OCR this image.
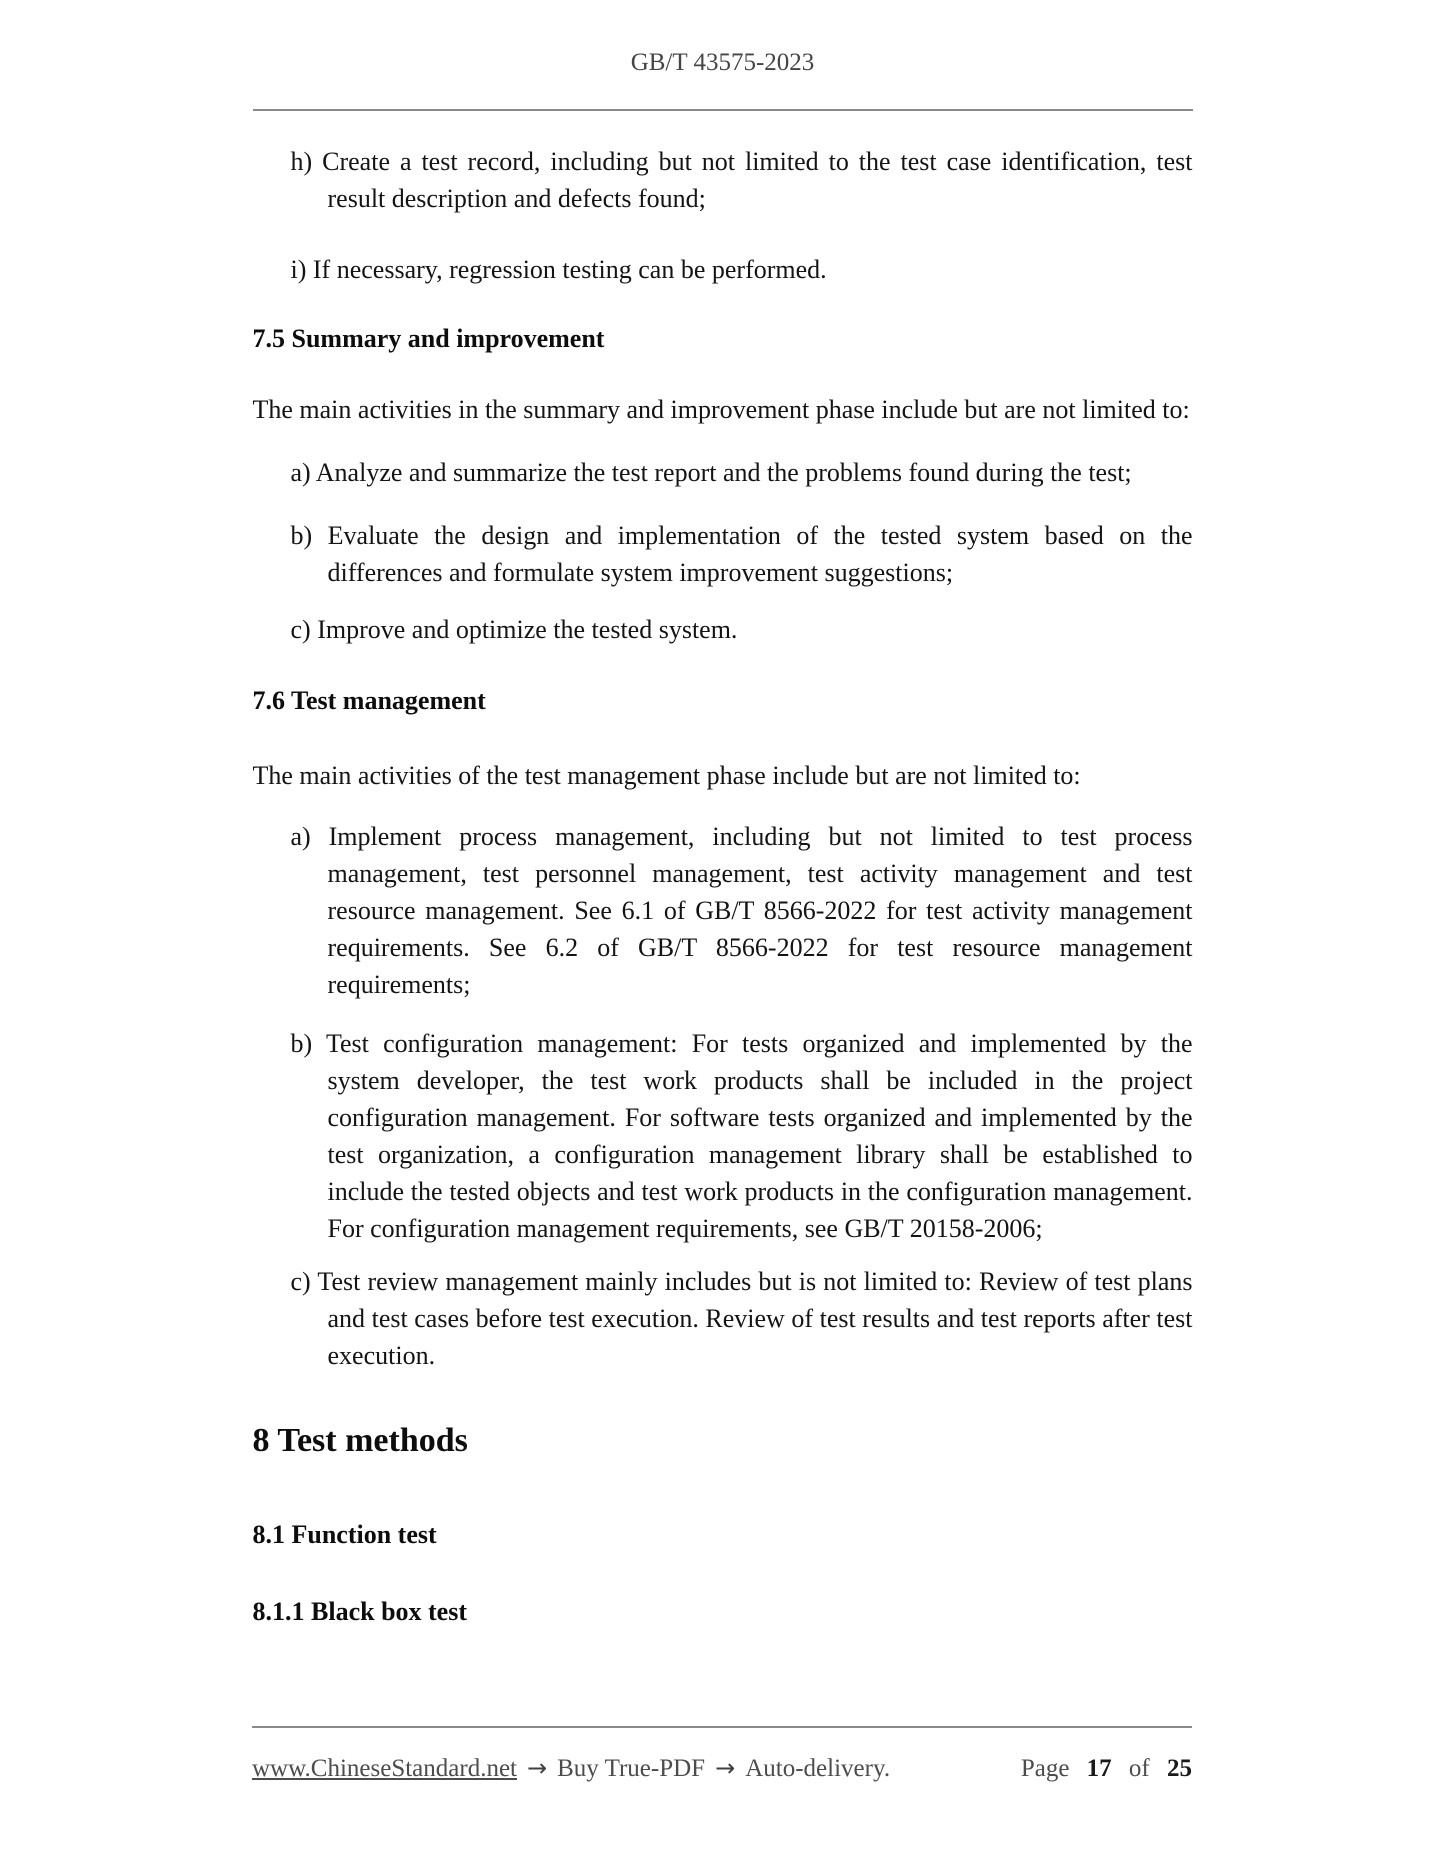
GB/T 43575-2023

h) Create a test record, including but not limited to the test case identification, test result description and defects found;

i) If necessary, regression testing can be performed.

7.5 Summary and improvement

The main activities in the summary and improvement phase include but are not limited to:

a) Analyze and summarize the test report and the problems found during the test;

b) Evaluate the design and implementation of the tested system based on the differences and formulate system improvement suggestions;

c) Improve and optimize the tested system.

7.6 Test management

The main activities of the test management phase include but are not limited to:

a) Implement process management, including but not limited to test process management, test personnel management, test activity management and test resource management. See 6.1 of GB/T 8566-2022 for test activity management requirements. See 6.2 of GB/T 8566-2022 for test resource management requirements;

b) Test configuration management: For tests organized and implemented by the system developer, the test work products shall be included in the project configuration management. For software tests organized and implemented by the test organization, a configuration management library shall be established to include the tested objects and test work products in the configuration management. For configuration management requirements, see GB/T 20158-2006;

c) Test review management mainly includes but is not limited to: Review of test plans and test cases before test execution. Review of test results and test reports after test execution.

8 Test methods
8.1 Function test
8.1.1 Black box test
www.ChineseStandard.net → Buy True-PDF → Auto-delivery.	Page 17 of 25
